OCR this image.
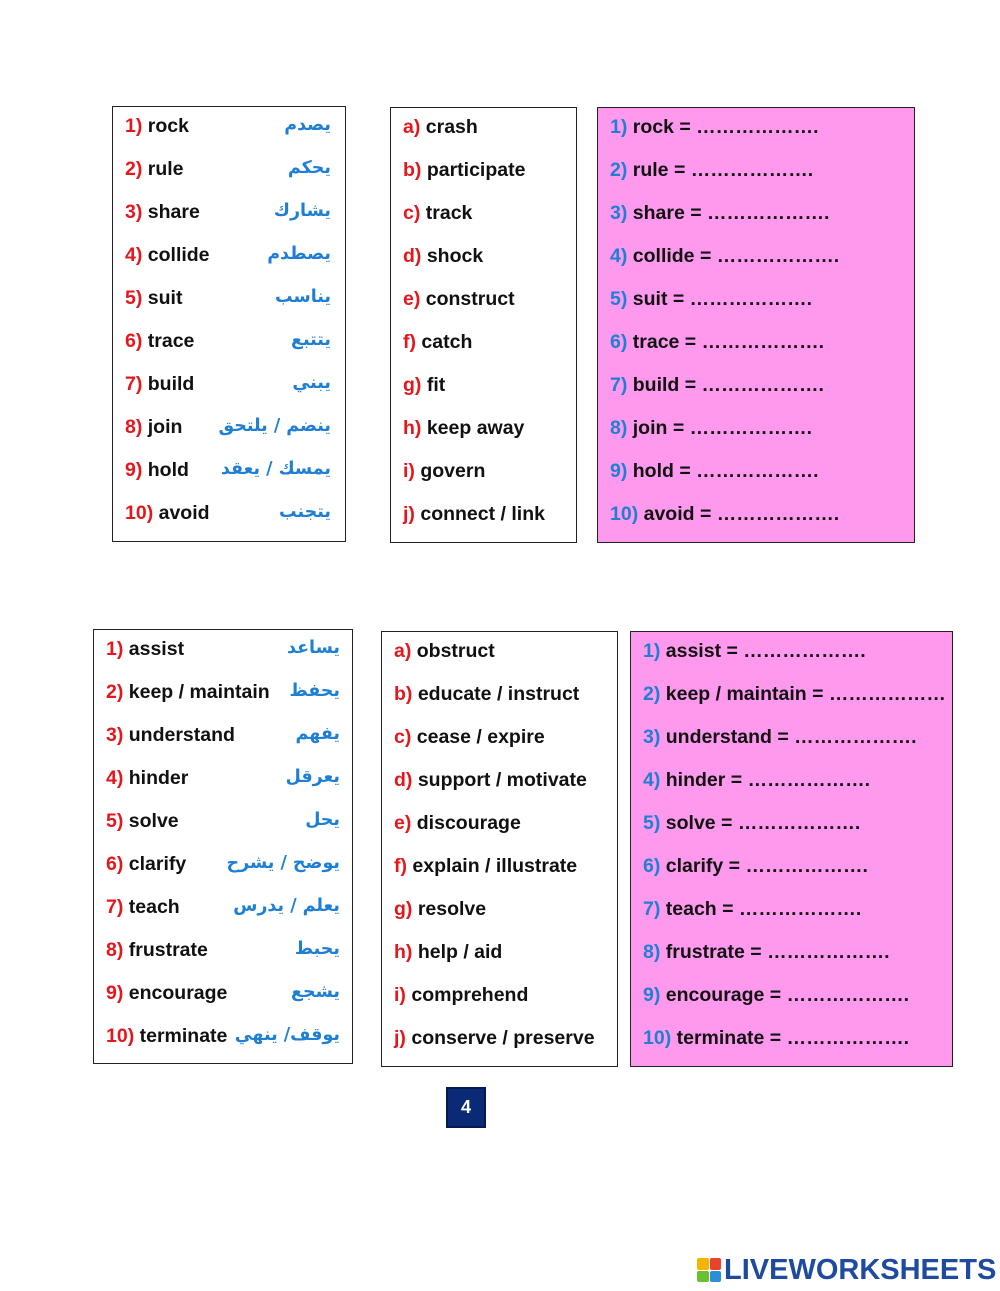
1) rock	يصدم
2) rule	يحكم
3) share	يشارك
4) collide	يصطدم
5) suit	يناسب
6) trace	يتتبع
7) build	يبني
8) join ينضم / يلتحق
9) hold يمسك / يعقد
10) avoid	يتجنب
a) crash
b) participate
c) track
d) shock
e) construct
f) catch
g) fit
h) keep away
i) govern
j) connect / link
1) rock = ……………….
2) rule = ……………….
3) share = ……………….
4) collide = ……………….
5) suit = ……………….
6) trace = ……………….
7) build = ……………….
8) join = ……………….
9) hold = ……………….
10) avoid = ……………….
1) assist	يساعد
2) keep / maintain يحفظ
3) understand	يفهم
4) hinder	يعرقل
5) solve	يحل
6) clarify يوضح / يشرح
7) teach	يعلم / يدرس
8) frustrate	يحبط
9) encourage	يشجع
10) terminate يوقف/ ينهي
a) obstruct
b) educate / instruct
c) cease / expire
d) support / motivate
e) discourage
f) explain / illustrate
g) resolve
h) help / aid
i) comprehend
j) conserve / preserve
1) assist = ……………….
2) keep / maintain = ………………
3) understand = ……………….
4) hinder = ……………….
5) solve = ……………….
6) clarify = ……………….
7) teach = ……………….
8) frustrate = ……………….
9) encourage = ……………….
10) terminate = ……………….
4
LIVEWORKSHEETS
